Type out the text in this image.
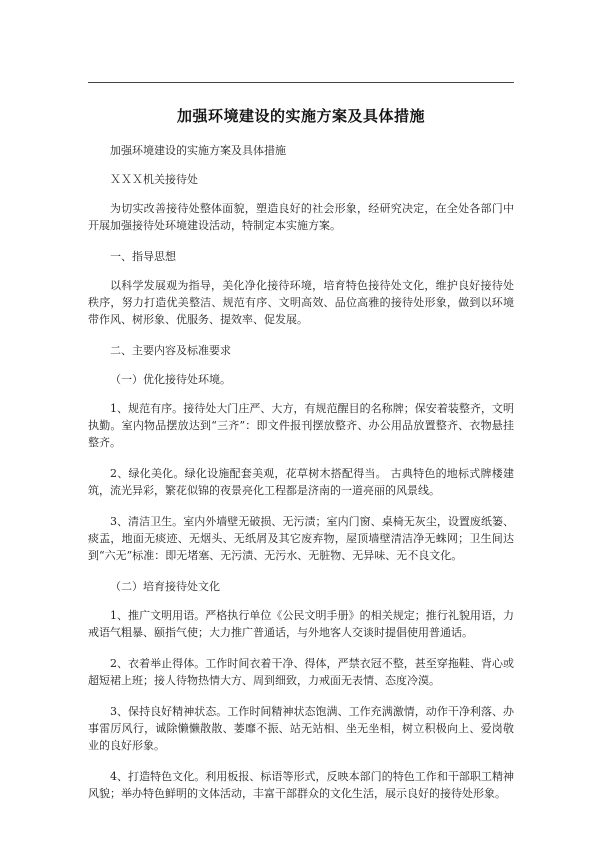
加强环境建设的实施方案及具体措施

加强环境建设的实施方案及具体措施

ＸＸＸ机关接待处

为切实改善接待处整体面貌，塑造良好的社会形象，经研究决定，在全处各部门中开展加强接待处环境建设活动，特制定本实施方案。

一、指导思想

以科学发展观为指导，美化净化接待环境，培育特色接待处文化，维护良好接待处秩序，努力打造优美整洁、规范有序、文明高效、品位高雅的接待处形象，做到以环境带作风、树形象、优服务、提效率、促发展。

二、主要内容及标准要求

（一）优化接待处环境。

1、规范有序。接待处大门庄严、大方，有规范醒目的名称牌；保安着装整齐，文明执勤。室内物品摆放达到“三齐”：即文件报刊摆放整齐、办公用品放置整齐、衣物悬挂整齐。

2、绿化美化。绿化设施配套美观，花草树木搭配得当。 古典特色的地标式牌楼建筑，流光异彩，繁花似锦的夜景亮化工程都是济南的一道亮丽的风景线。

3、清洁卫生。室内外墙壁无破损、无污渍；室内门窗、桌椅无灰尘，设置废纸篓、痰盂，地面无痰迹、无烟头、无纸屑及其它废弃物，屋顶墙壁清洁净无蛛网；卫生间达到“六无”标准：即无堵塞、无污渍、无污水、无脏物、无异味、无不良文化。

（二）培育接待处文化

1、推广文明用语。严格执行单位《公民文明手册》的相关规定；推行礼貌用语，力戒语气粗暴、颐指气使；大力推广普通话，与外地客人交谈时提倡使用普通话。

2、衣着举止得体。工作时间衣着干净、得体，严禁衣冠不整，甚至穿拖鞋、背心或超短裙上班；接人待物热情大方、周到细致，力戒面无表情、态度冷漠。

3、保持良好精神状态。工作时间精神状态饱满、工作充满激情，动作干净利落、办事雷厉风行，诚除懒懒散散、萎靡不振、站无站相、坐无坐相，树立积极向上、爱岗敬业的良好形象。

4、打造特色文化。利用板报、标语等形式，反映本部门的特色工作和干部职工精神风貌；举办特色鲜明的文体活动，丰富干部群众的文化生活，展示良好的接待处形象。
